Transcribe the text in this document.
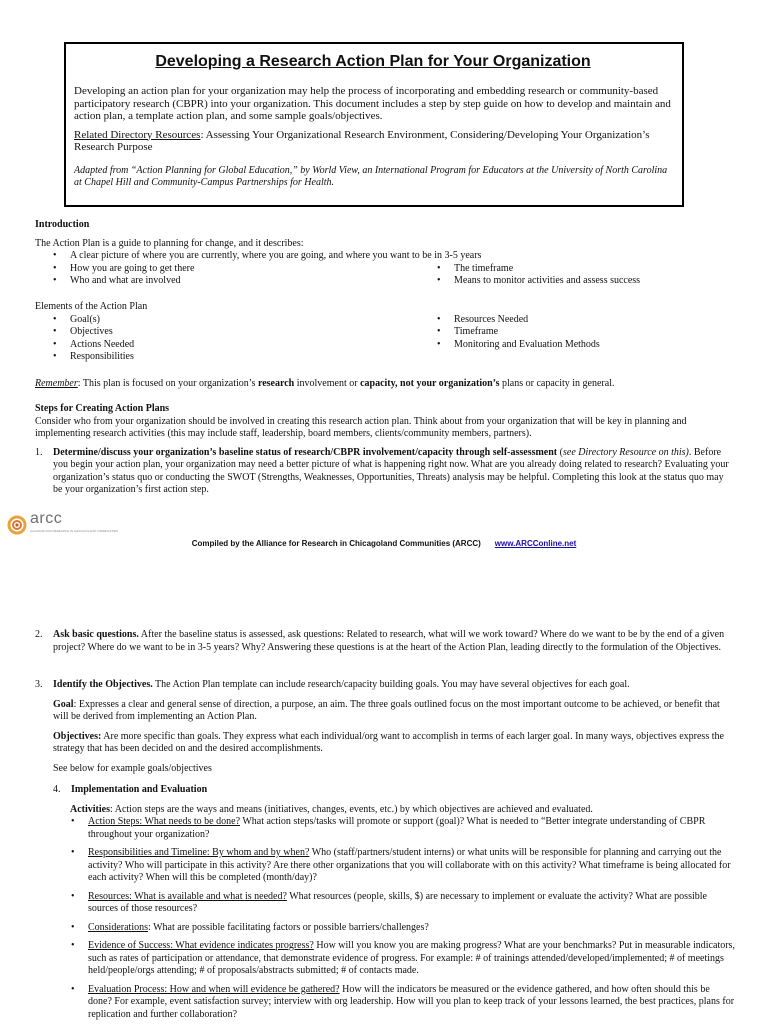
Developing a Research Action Plan for Your Organization

Developing an action plan for your organization may help the process of incorporating and embedding research or community-based participatory research (CBPR) into your organization. This document includes a step by step guide on how to develop and maintain and action plan, a template action plan, and some sample goals/objectives.

Related Directory Resources: Assessing Your Organizational Research Environment, Considering/Developing Your Organization’s Research Purpose

Adapted from “Action Planning for Global Education,” by World View, an International Program for Educators at the University of North Carolina at Chapel Hill and Community-Campus Partnerships for Health.

Introduction
The Action Plan is a guide to planning for change, and it describes:
• A clear picture of where you are currently, where you are going, and where you want to be in 3-5 years
• How you are going to get there
• Who and what are involved
• The timeframe
• Means to monitor activities and assess success
Elements of the Action Plan
• Goal(s)
• Objectives
• Actions Needed
• Responsibilities
• Resources Needed
• Timeframe
• Monitoring and Evaluation Methods
Remember: This plan is focused on your organization’s research involvement or capacity, not your organization’s plans or capacity in general.
Steps for Creating Action Plans
Consider who from your organization should be involved in creating this research action plan. Think about from your organization that will be key in planning and implementing research activities (this may include staff, leadership, board members, clients/community members, partners).
1. Determine/discuss your organization’s baseline status of research/CBPR involvement/capacity through self-assessment (see Directory Resource on this). Before you begin your action plan, your organization may need a better picture of what is happening right now. What are you already doing related to research? Evaluating your organization’s status quo or conducting the SWOT (Strengths, Weaknesses, Opportunities, Threats) analysis may be helpful. Completing this look at the status quo may be your organization’s first action step.
arcc
ALLIANCE FOR RESEARCH IN CHICAGOLAND COMMUNITIES
Compiled by the Alliance for Research in Chicagoland Communities (ARCC) www.ARCConline.net
2. Ask basic questions. After the baseline status is assessed, ask questions: Related to research, what will we work toward? Where do we want to be by the end of a given project? Where do we want to be in 3-5 years? Why? Answering these questions is at the heart of the Action Plan, leading directly to the formulation of the Objectives.
3. Identify the Objectives. The Action Plan template can include research/capacity building goals. You may have several objectives for each goal.
Goal: Expresses a clear and general sense of direction, a purpose, an aim. The three goals outlined focus on the most important outcome to be achieved, or benefit that will be derived from implementing an Action Plan.
Objectives: Are more specific than goals. They express what each individual/org want to accomplish in terms of each larger goal. In many ways, objectives express the strategy that has been decided on and the desired accomplishments.
See below for example goals/objectives
4. Implementation and Evaluation
Activities: Action steps are the ways and means (initiatives, changes, events, etc.) by which objectives are achieved and evaluated.
• Action Steps: What needs to be done? What action steps/tasks will promote or support (goal)? What is needed to “Better integrate understanding of CBPR throughout your organization?
• Responsibilities and Timeline: By whom and by when? Who (staff/partners/student interns) or what units will be responsible for planning and carrying out the activity? Who will participate in this activity? Are there other organizations that you will collaborate with on this activity? What timeframe is being allocated for each activity? When will this be completed (month/day)?
• Resources: What is available and what is needed? What resources (people, skills, $) are necessary to implement or evaluate the activity? What are possible sources of those resources?
• Considerations: What are possible facilitating factors or possible barriers/challenges?
• Evidence of Success: What evidence indicates progress? How will you know you are making progress? What are your benchmarks? Put in measurable indicators, such as rates of participation or attendance, that demonstrate evidence of progress. For example: # of trainings attended/developed/implemented; # of meetings held/people/orgs attending; # of proposals/abstracts submitted; # of contacts made.
• Evaluation Process: How and when will evidence be gathered? How will the indicators be measured or the evidence gathered, and how often should this be done? For example, event satisfaction survey; interview with org leadership. How will you plan to keep track of your lessons learned, the best practices, plans for replication and further collaboration?
